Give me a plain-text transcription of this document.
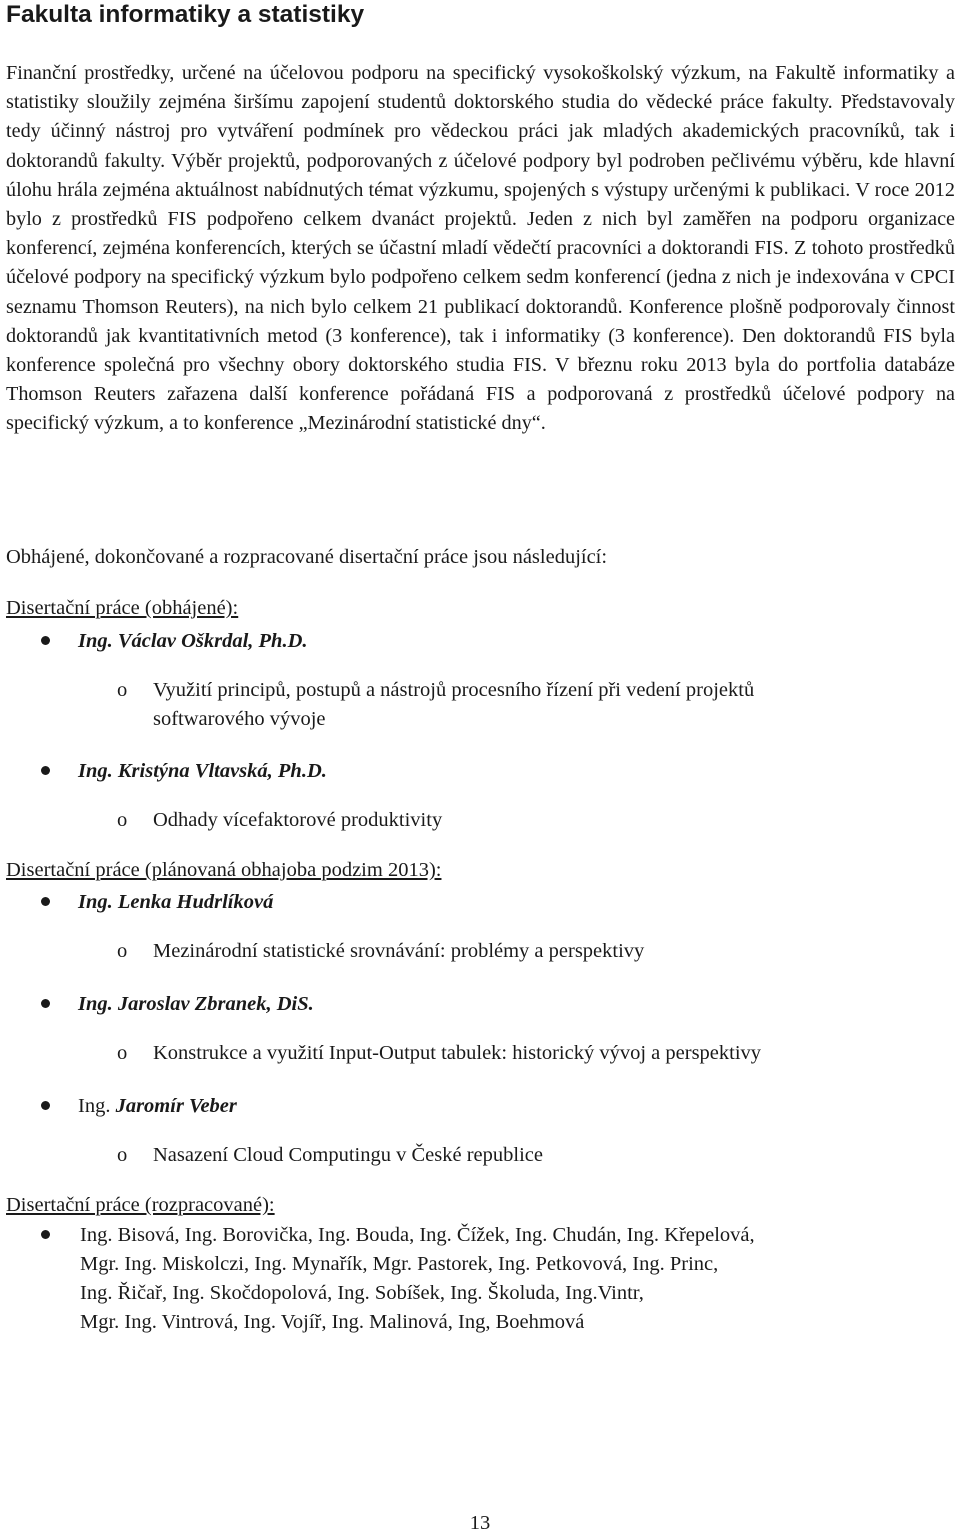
Fakulta informatiky a statistiky

Finanční prostředky, určené na účelovou podporu na specifický vysokoškolský výzkum, na Fakultě informatiky a statistiky sloužily zejména širšímu zapojení studentů doktorského studia do vědecké práce fakulty. Představovaly tedy účinný nástroj pro vytváření podmínek pro vědeckou práci jak mladých akademických pracovníků, tak i doktorandů fakulty. Výběr projektů, podporovaných z účelové podpory byl podroben pečlivému výběru, kde hlavní úlohu hrála zejména aktuálnost nabídnutých témat výzkumu, spojených s výstupy určenými k publikaci. V roce 2012 bylo z prostředků FIS podpořeno celkem dvanáct projektů. Jeden z nich byl zaměřen na podporu organizace konferencí, zejména konferencích, kterých se účastní mladí vědečtí pracovníci a doktorandi FIS. Z tohoto prostředků účelové podpory na specifický výzkum bylo podpořeno celkem sedm konferencí (jedna z nich je indexována v CPCI seznamu Thomson Reuters), na nich bylo celkem 21 publikací doktorandů. Konference plošně podporovaly činnost doktorandů jak kvantitativních metod (3 konference), tak i informatiky (3 konference). Den doktorandů FIS byla konference společná pro všechny obory doktorského studia FIS. V březnu roku 2013 byla do portfolia databáze Thomson Reuters zařazena další konference pořádaná FIS a podporovaná z prostředků účelové podpory na specifický výzkum, a to konference „Mezinárodní statistické dny“.

Obhájené, dokončované a rozpracované disertační práce jsou následující:
Disertační práce (obhájené):
Ing. Václav Oškrdal, Ph.D.
o Využití principů, postupů a nástrojů procesního řízení při vedení projektů
softwarového vývoje
Ing. Kristýna Vltavská, Ph.D.
o Odhady vícefaktorové produktivity
Disertační práce (plánovaná obhajoba podzim 2013):
Ing. Lenka Hudrlíková
o Mezinárodní statistické srovnávání: problémy a perspektivy
Ing. Jaroslav Zbranek, DiS.
o Konstrukce a využití Input-Output tabulek: historický vývoj a perspektivy
Ing. Jaromír Veber
o Nasazení Cloud Computingu v České republice
Disertační práce (rozpracované):
Ing. Bisová, Ing. Borovička, Ing. Bouda, Ing. Čížek, Ing. Chudán, Ing. Křepelová,
Mgr. Ing. Miskolczi, Ing. Mynařík, Mgr. Pastorek, Ing. Petkovová, Ing. Princ,
Ing. Řičař, Ing. Skočdopolová, Ing. Sobíšek, Ing. Školuda, Ing.Vintr,
Mgr. Ing. Vintrová, Ing. Vojíř, Ing. Malinová, Ing, Boehmová
13
